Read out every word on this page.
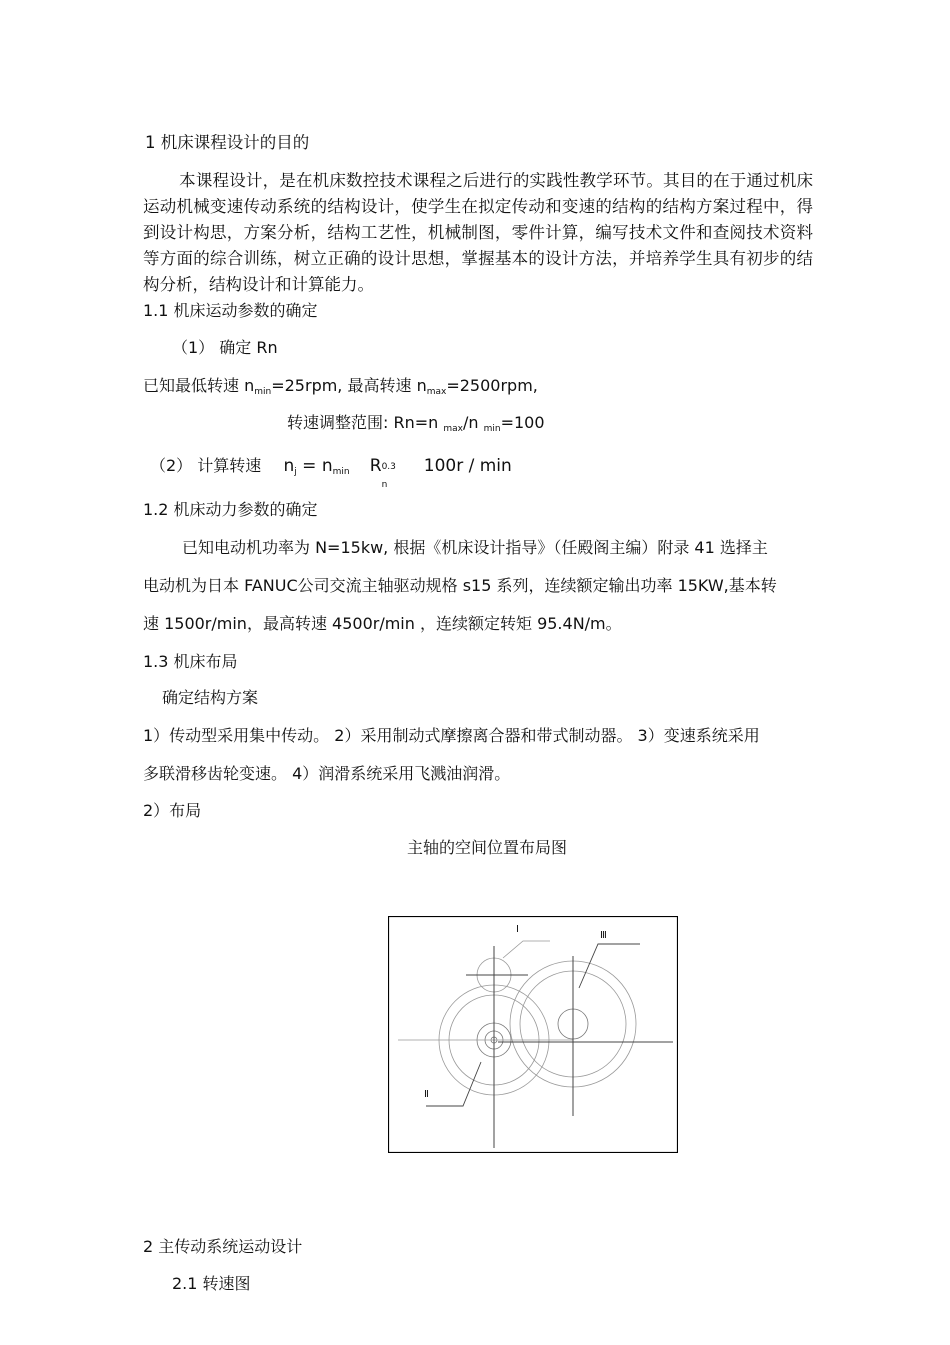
1 机床课程设计的目的
本课程设计，是在机床数控技术课程之后进行的实践性教学环节。其目的在于通过机床运动机械变速传动系统的结构设计，使学生在拟定传动和变速的结构的结构方案过程中，得到设计构思，方案分析，结构工艺性，机械制图，零件计算，编写技术文件和查阅技术资料等方面的综合训练，树立正确的设计思想，掌握基本的设计方法，并培养学生具有初步的结构分析，结构设计和计算能力。
1.1 机床运动参数的确定
（1） 确定 Rn
已知最低转速 $n_{min}=25rpm$, 最高转速 $n_{max}=2500rpm$,
转速调整范围: Rn=n $_{max}$/n $_{min}$=100
（2） 计算转速 $n_j = n_{min}$ R 0.3
n
100r / min
1.2 机床动力参数的确定
已知电动机功率为 N=15kw, 根据《机床设计指导》（任殿阁主编）附录 41 选择主
电动机为日本 FANUC公司交流主轴驱动规格 s15 系列，连续额定输出功率 15KW,基本转
速 1500r/min，最高转速 4500r/min ，连续额定转矩 95.4N/m。
1.3 机床布局
确定结构方案
1）传动型采用集中传动。 2）采用制动式摩擦离合器和带式制动器。 3）变速系统采用
多联滑移齿轮变速。 4）润滑系统采用飞溅油润滑。
2）布局
主轴的空间位置布局图
Ⅰ
Ⅲ
Ⅱ
2 主传动系统运动设计
2.1 转速图
